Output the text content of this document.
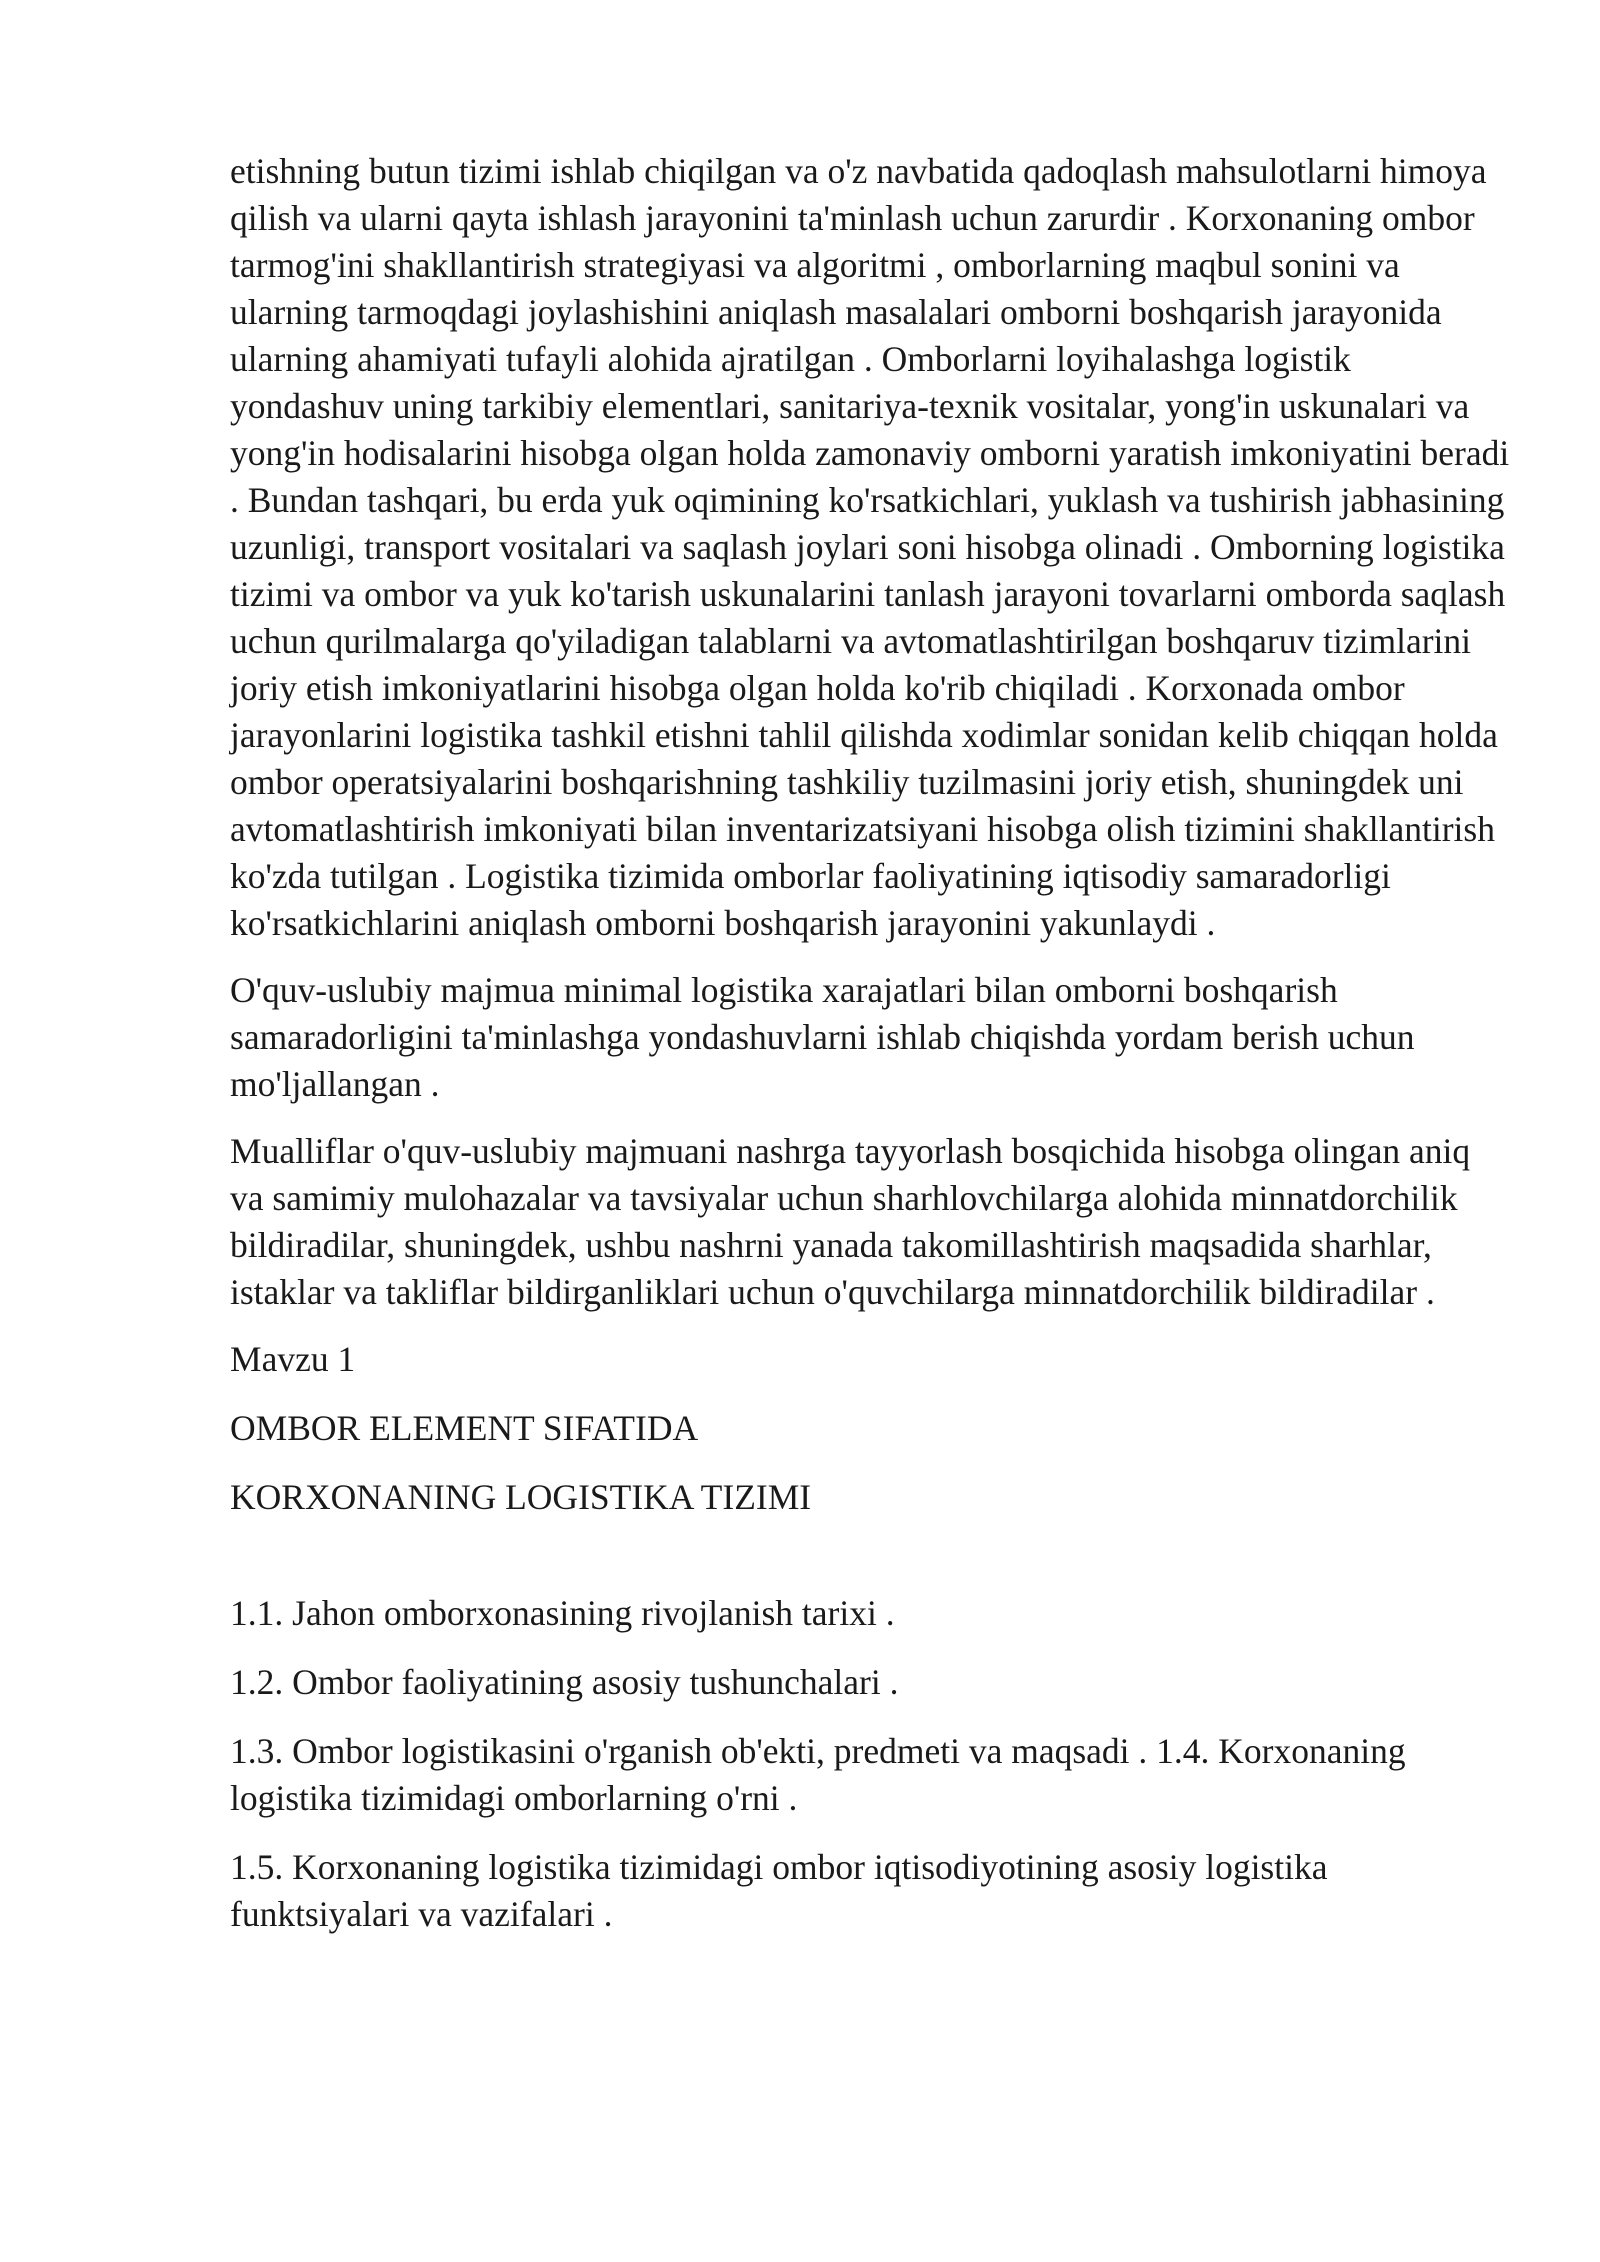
etishning butun tizimi ishlab chiqilgan va o'z navbatida qadoqlash mahsulotlarni himoya qilish va ularni qayta ishlash jarayonini ta'minlash uchun zarurdir . Korxonaning ombor tarmog'ini shakllantirish strategiyasi va algoritmi , omborlarning maqbul sonini va ularning tarmoqdagi joylashishini aniqlash masalalari omborni boshqarish jarayonida ularning ahamiyati tufayli alohida ajratilgan . Omborlarni loyihalashga logistik yondashuv uning tarkibiy elementlari, sanitariya-texnik vositalar, yong'in uskunalari va yong'in hodisalarini hisobga olgan holda zamonaviy omborni yaratish imkoniyatini beradi . Bundan tashqari, bu erda yuk oqimining ko'rsatkichlari, yuklash va tushirish jabhasining uzunligi, transport vositalari va saqlash joylari soni hisobga olinadi . Omborning logistika tizimi va ombor va yuk ko'tarish uskunalarini tanlash jarayoni tovarlarni omborda saqlash uchun qurilmalarga qo'yiladigan talablarni va avtomatlashtirilgan boshqaruv tizimlarini joriy etish imkoniyatlarini hisobga olgan holda ko'rib chiqiladi . Korxonada ombor jarayonlarini logistika tashkil etishni tahlil qilishda xodimlar sonidan kelib chiqqan holda ombor operatsiyalarini boshqarishning tashkiliy tuzilmasini joriy etish, shuningdek uni avtomatlashtirish imkoniyati bilan inventarizatsiyani hisobga olish tizimini shakllantirish ko'zda tutilgan . Logistika tizimida omborlar faoliyatining iqtisodiy samaradorligi ko'rsatkichlarini aniqlash omborni boshqarish jarayonini yakunlaydi .

O'quv-uslubiy majmua minimal logistika xarajatlari bilan omborni boshqarish samaradorligini ta'minlashga yondashuvlarni ishlab chiqishda yordam berish uchun mo'ljallangan .

Mualliflar o'quv-uslubiy majmuani nashrga tayyorlash bosqichida hisobga olingan aniq va samimiy mulohazalar va tavsiyalar uchun sharhlovchilarga alohida minnatdorchilik bildiradilar, shuningdek, ushbu nashrni yanada takomillashtirish maqsadida sharhlar, istaklar va takliflar bildirganliklari uchun o'quvchilarga minnatdorchilik bildiradilar .

Mavzu 1

OMBOR ELEMENT SIFATIDA

KORXONANING LOGISTIKA TIZIMI

1.1. Jahon omborxonasining rivojlanish tarixi .

1.2. Ombor faoliyatining asosiy tushunchalari .

1.3. Ombor logistikasini o'rganish ob'ekti, predmeti va maqsadi . 1.4. Korxonaning logistika tizimidagi omborlarning o'rni .

1.5. Korxonaning logistika tizimidagi ombor iqtisodiyotining asosiy logistika funktsiyalari va vazifalari .
